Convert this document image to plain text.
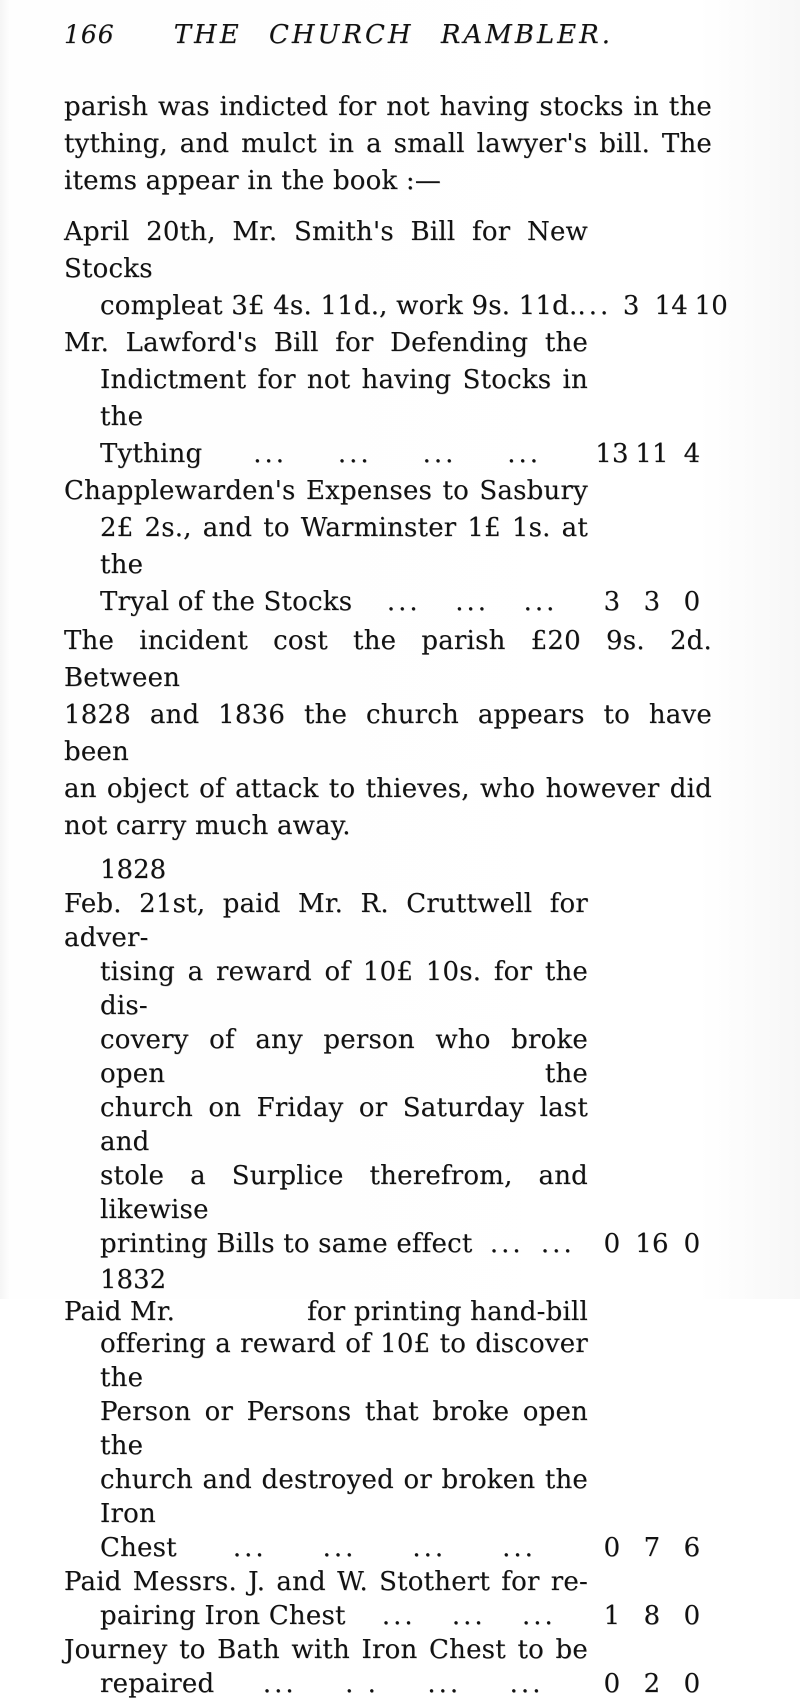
166	THE CHURCH RAMBLER.
parish was indicted for not having stocks in the
tything, and mulct in a small lawyer's bill. The
items appear in the book :—
April 20th, Mr. Smith's Bill for New Stocks
compleat 3£ 4s. 11d., work 9s. 11d. ... 3 14 10
Mr. Lawford's Bill for Defending the
Indictment for not having Stocks in the
Tything ... ... ... ... 13 11 4
Chapplewarden's Expenses to Sasbury
2£ 2s., and to Warminster 1£ 1s. at the
Tryal of the Stocks ... ... ...	3 3 0
The incident cost the parish £20 9s. 2d. Between
1828 and 1836 the church appears to have been
an object of attack to thieves, who however did
not carry much away.
1828
Feb. 21st, paid Mr. R. Cruttwell for adver-
tising a reward of 10£ 10s. for the dis-
covery of any person who broke open the
church on Friday or Saturday last and
stole a Surplice therefrom, and likewise
printing Bills to same effect ... ...	0 16 0
1832
Paid Mr.	for printing hand-bill
offering a reward of 10£ to discover the
Person or Persons that broke open the
church and destroyed or broken the Iron
Chest ... ... ... ...	0 7 6
Paid Messrs. J. and W. Stothert for re-
pairing Iron Chest ... ... ...	1 8 0
Journey to Bath with Iron Chest to be
repaired ... . . ... ...	0 2 0
